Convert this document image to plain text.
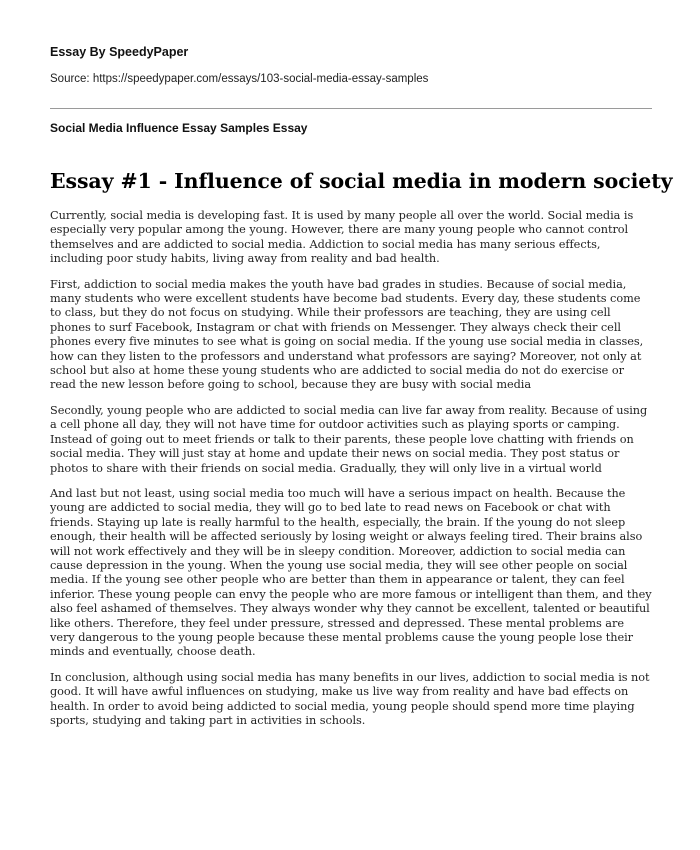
Essay By SpeedyPaper

Source: https://speedypaper.com/essays/103-social-media-essay-samples

Social Media Influence Essay Samples Essay

Essay #1 - Influence of social media in modern society

Currently, social media is developing fast. It is used by many people all over the world. Social media is especially very popular among the young. However, there are many young people who cannot control themselves and are addicted to social media. Addiction to social media has many serious effects, including poor study habits, living away from reality and bad health.

First, addiction to social media makes the youth have bad grades in studies. Because of social media, many students who were excellent students have become bad students. Every day, these students come to class, but they do not focus on studying. While their professors are teaching, they are using cell phones to surf Facebook, Instagram or chat with friends on Messenger. They always check their cell phones every five minutes to see what is going on social media. If the young use social media in classes, how can they listen to the professors and understand what professors are saying? Moreover, not only at school but also at home these young students who are addicted to social media do not do exercise or read the new lesson before going to school, because they are busy with social media

Secondly, young people who are addicted to social media can live far away from reality. Because of using a cell phone all day, they will not have time for outdoor activities such as playing sports or camping. Instead of going out to meet friends or talk to their parents, these people love chatting with friends on social media. They will just stay at home and update their news on social media. They post status or photos to share with their friends on social media. Gradually, they will only live in a virtual world

And last but not least, using social media too much will have a serious impact on health. Because the young are addicted to social media, they will go to bed late to read news on Facebook or chat with friends. Staying up late is really harmful to the health, especially, the brain. If the young do not sleep enough, their health will be affected seriously by losing weight or always feeling tired. Their brains also will not work effectively and they will be in sleepy condition. Moreover, addiction to social media can cause depression in the young. When the young use social media, they will see other people on social media. If the young see other people who are better than them in appearance or talent, they can feel inferior. These young people can envy the people who are more famous or intelligent than them, and they also feel ashamed of themselves. They always wonder why they cannot be excellent, talented or beautiful like others. Therefore, they feel under pressure, stressed and depressed. These mental problems are very dangerous to the young people because these mental problems cause the young people lose their minds and eventually, choose death.

In conclusion, although using social media has many benefits in our lives, addiction to social media is not good. It will have awful influences on studying, make us live way from reality and have bad effects on health. In order to avoid being addicted to social media, young people should spend more time playing sports, studying and taking part in activities in schools.
